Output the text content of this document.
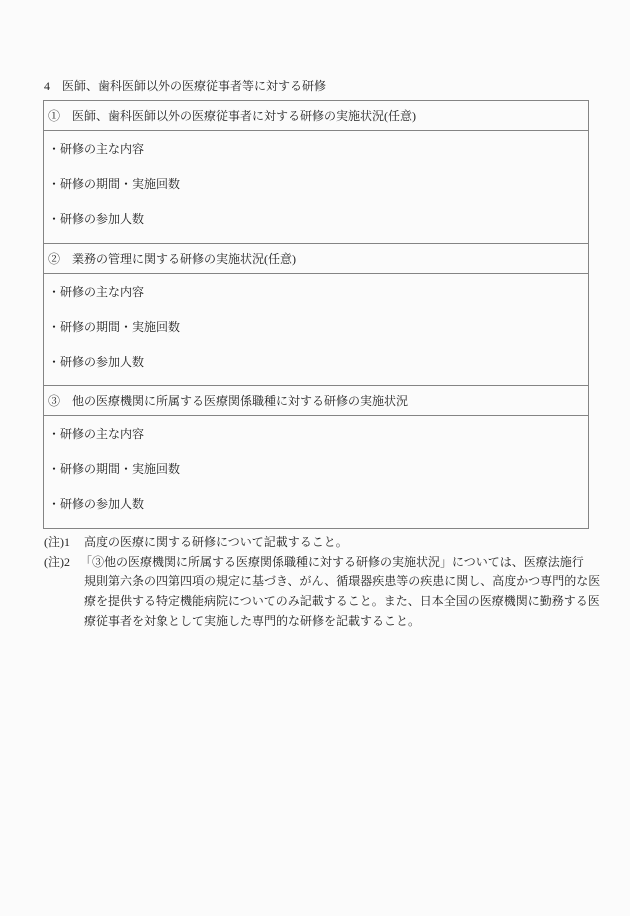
4　医師、歯科医師以外の医療従事者等に対する研修
①　医師、歯科医師以外の医療従事者に対する研修の実施状況(任意)
・研修の主な内容
・研修の期間・実施回数
・研修の参加人数
②　業務の管理に関する研修の実施状況(任意)
・研修の主な内容
・研修の期間・実施回数
・研修の参加人数
③　他の医療機関に所属する医療関係職種に対する研修の実施状況
・研修の主な内容
・研修の期間・実施回数
・研修の参加人数
(注)1	高度の医療に関する研修について記載すること。
(注)2 「③他の医療機関に所属する医療関係職種に対する研修の実施状況」については、医療法施行
規則第六条の四第四項の規定に基づき、がん、循環器疾患等の疾患に関し、高度かつ専門的な医
療を提供する特定機能病院についてのみ記載すること。また、日本全国の医療機関に勤務する医
療従事者を対象として実施した専門的な研修を記載すること。
